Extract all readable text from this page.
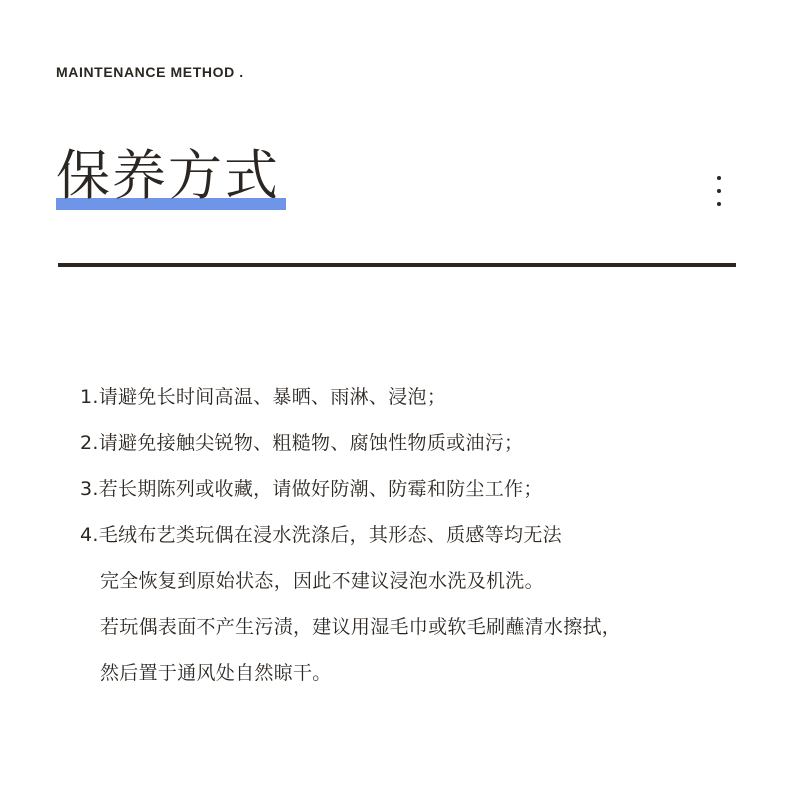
MAINTENANCE METHOD .
保养方式
1.请避免长时间高温、暴晒、雨淋、浸泡；
2.请避免接触尖锐物、粗糙物、腐蚀性物质或油污；
3.若长期陈列或收藏，请做好防潮、防霉和防尘工作；
4.毛绒布艺类玩偶在浸水洗涤后，其形态、质感等均无法
完全恢复到原始状态，因此不建议浸泡水洗及机洗。
若玩偶表面不产生污渍，建议用湿毛巾或软毛刷蘸清水擦拭，
然后置于通风处自然晾干。
